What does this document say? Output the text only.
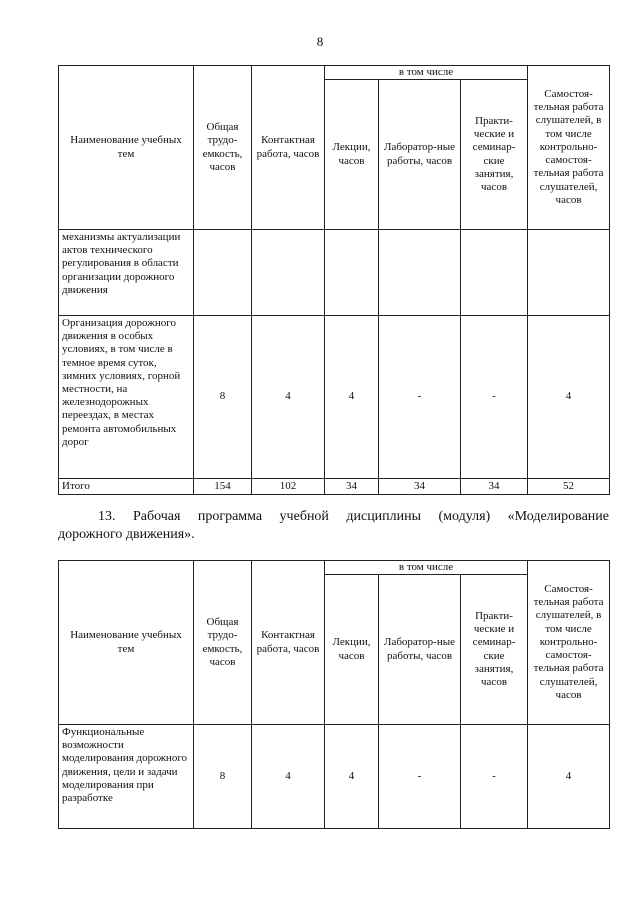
8
Наименование учебных тем	Общая трудо-емкость, часов	Контактная работа, часов	в том числе			Самостоя-тельная работа слушателей, в том числе контрольно-самостоя-тельная работа слушателей, часов
			Лекции, часов	Лаборатор-ные работы, часов	Практи-ческие и семинар-ские занятия, часов	
механизмы актуализации актов технического регулирования в области организации дорожного движения						
Организация дорожного движения в особых условиях, в том числе в темное время суток, зимних условиях, горной местности, на железнодорожных переездах, в местах ремонта автомобильных дорог	8	4	4	-	-	4
Итого	154	102	34	34	34	52
13. Рабочая программа учебной дисциплины (модуля) «Моделирование
дорожного движения».
Наименование учебных тем	Общая трудо-емкость, часов	Контактная работа, часов	в том числе			Самостоя-тельная работа слушателей, в том числе контрольно-самостоя-тельная работа слушателей, часов
			Лекции, часов	Лаборатор-ные работы, часов	Практи-ческие и семинар-ские занятия, часов	
Функциональные возможности моделирования дорожного движения, цели и задачи моделирования при разработке	8	4	4	-	-	4
